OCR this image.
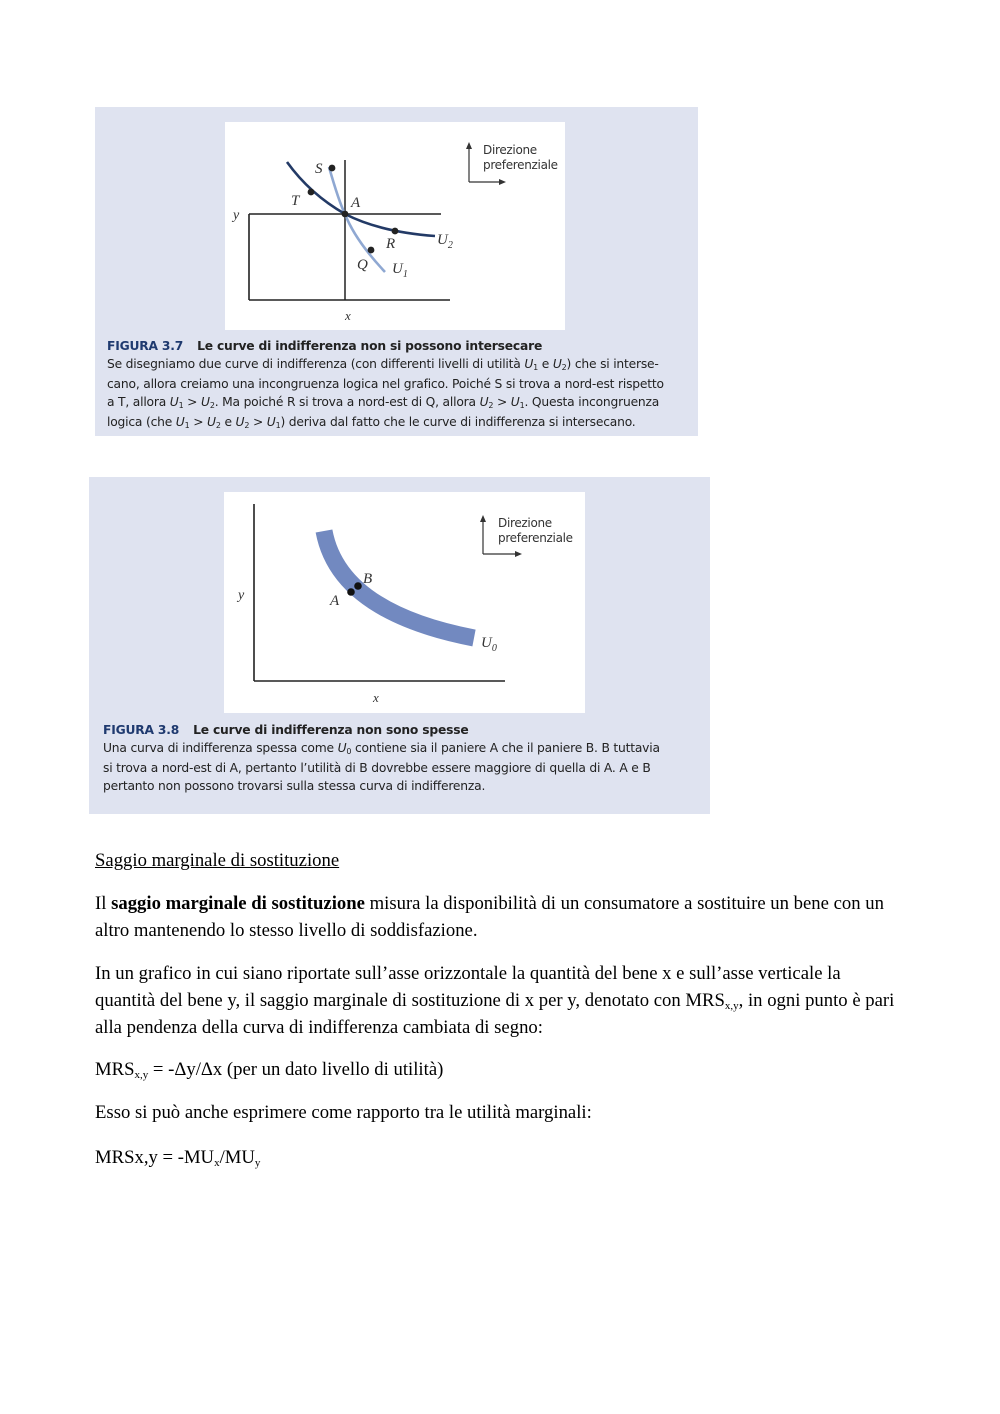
S
T	A
R
Q
y
x
$U_2$
$U_1$
Direzione
preferenziale
FIGURA 3.7 Le curve di indifferenza non si possono intersecare
Se disegniamo due curve di indifferenza (con differenti livelli di utilità $U_1$ e $U_2$) che si interse-
cano, allora creiamo una incongruenza logica nel grafico. Poiché S si trova a nord-est rispetto
a T, allora $U_1 > U_2$. Ma poiché R si trova a nord-est di Q, allora $U_2 > U_1$. Questa incongruenza
logica (che $U_1 > U_2$ e $U_2 > U_1$) deriva dal fatto che le curve di indifferenza si intersecano.
A
B
y
x
$U_0$
Direzione
preferenziale
FIGURA 3.8 Le curve di indifferenza non sono spesse
Una curva di indifferenza spessa come $U_0$ contiene sia il paniere A che il paniere B. B tuttavia
si trova a nord-est di A, pertanto l’utilità di B dovrebbe essere maggiore di quella di A. A e B
pertanto non possono trovarsi sulla stessa curva di indifferenza.
Saggio marginale di sostituzione
Il saggio marginale di sostituzione misura la disponibilità di un consumatore a sostituire un bene con un altro mantenendo lo stesso livello di soddisfazione.
In un grafico in cui siano riportate sull’asse orizzontale la quantità del bene x e sull’asse verticale la quantità del bene y, il saggio marginale di sostituzione di x per y, denotato con $MRS_{x,y}$, in ogni punto è pari alla pendenza della curva di indifferenza cambiata di segno:
$MRS_{x,y} = -\Delta y/\Delta x$ (per un dato livello di utilità)
Esso si può anche esprimere come rapporto tra le utilità marginali:
MRSx,y = $-MU_x/MU_y$
